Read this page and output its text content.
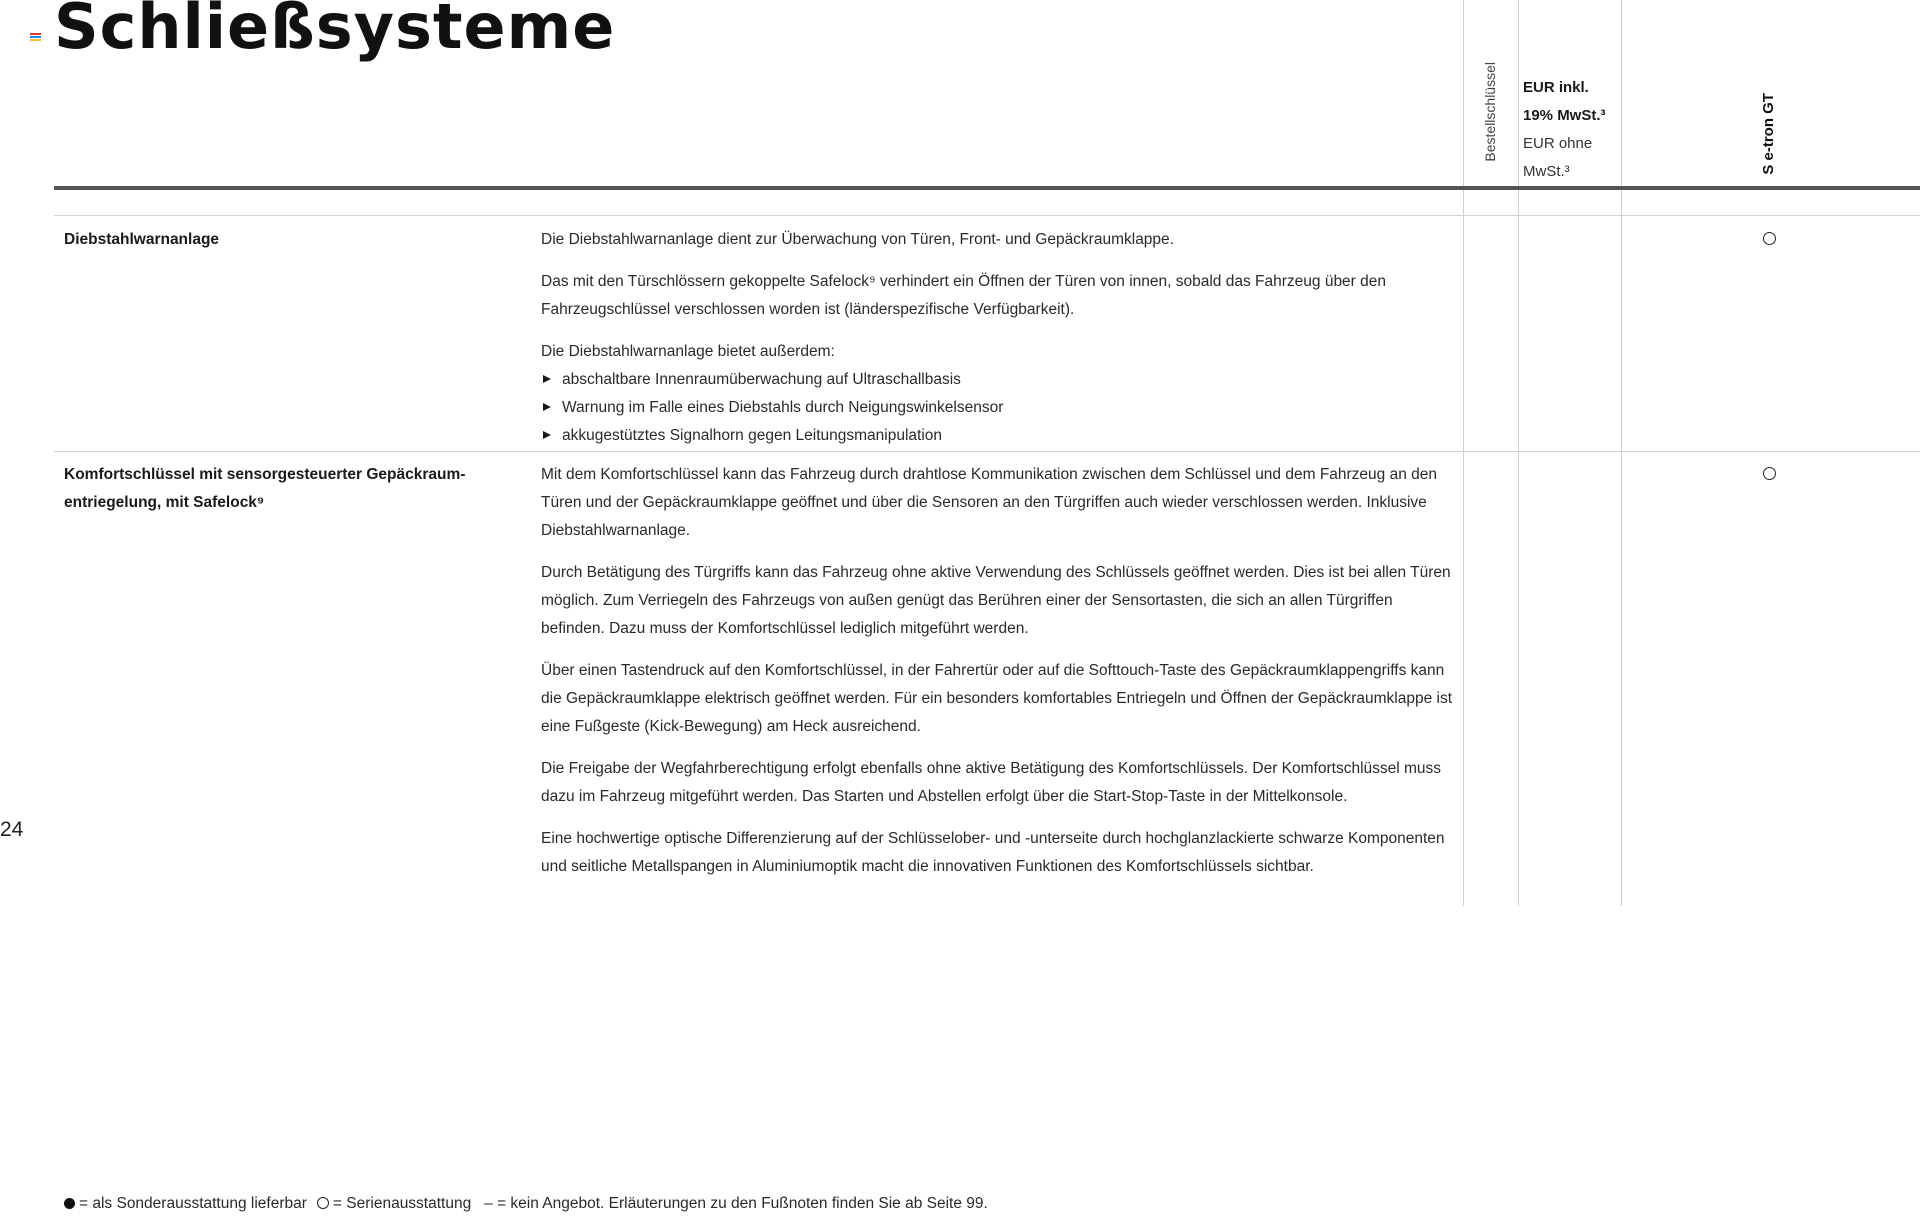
Schließsysteme
Bestellschlüssel EUR inkl. 19% MwSt.³
EUR ohne MwSt.³	S e-tron GT
Diebstahlwarnanlage	Die Diebstahlwarnanlage dient zur Überwachung von Türen, Front- und Gepäckraumklappe.

Das mit den Türschlössern gekoppelte Safelock⁹ verhindert ein Öffnen der Türen von innen, sobald das Fahrzeug über den Fahrzeugschlüssel verschlossen worden ist (länderspezifische Verfügbarkeit).

Die Diebstahlwarnanlage bietet außerdem:

abschaltbare Innenraumüberwachung auf Ultraschallbasis
Warnung im Falle eines Diebstahls durch Neigungswinkelsensor
akkugestütztes Signalhorn gegen Leitungsmanipulation
Komfortschlüssel mit sensorgesteuerter Gepäckraum-entriegelung, mit Safelock⁹

Mit dem Komfortschlüssel kann das Fahrzeug durch drahtlose Kommunikation zwischen dem Schlüssel und dem Fahrzeug an den Türen und der Gepäckraumklappe geöffnet und über die Sensoren an den Türgriffen auch wieder verschlossen werden. Inklusive Diebstahlwarnanlage.

Durch Betätigung des Türgriffs kann das Fahrzeug ohne aktive Verwendung des Schlüssels geöffnet werden. Dies ist bei allen Türen möglich. Zum Verriegeln des Fahrzeugs von außen genügt das Berühren einer der Sensortasten, die sich an allen Türgriffen befinden. Dazu muss der Komfortschlüssel lediglich mitgeführt werden.

Über einen Tastendruck auf den Komfortschlüssel, in der Fahrertür oder auf die Softtouch-Taste des Gepäckraumklappengriffs kann die Gepäckraumklappe elektrisch geöffnet werden. Für ein besonders komfortables Entriegeln und Öffnen der Gepäckraumklappe ist eine Fußgeste (Kick-Bewegung) am Heck ausreichend.

Die Freigabe der Wegfahrberechtigung erfolgt ebenfalls ohne aktive Betätigung des Komfortschlüssels. Der Komfortschlüssel muss dazu im Fahrzeug mitgeführt werden. Das Starten und Abstellen erfolgt über die Start-Stop-Taste in der Mittelkonsole.

Eine hochwertige optische Differenzierung auf der Schlüsselober- und -unterseite durch hochglanzlackierte schwarze Komponenten und seitliche Metallspangen in Aluminiumoptik macht die innovativen Funktionen des Komfortschlüssels sichtbar.

24
= als Sonderausstattung lieferbar = Serienausstattung – = kein Angebot. Erläuterungen zu den Fußnoten finden Sie ab Seite 99.
